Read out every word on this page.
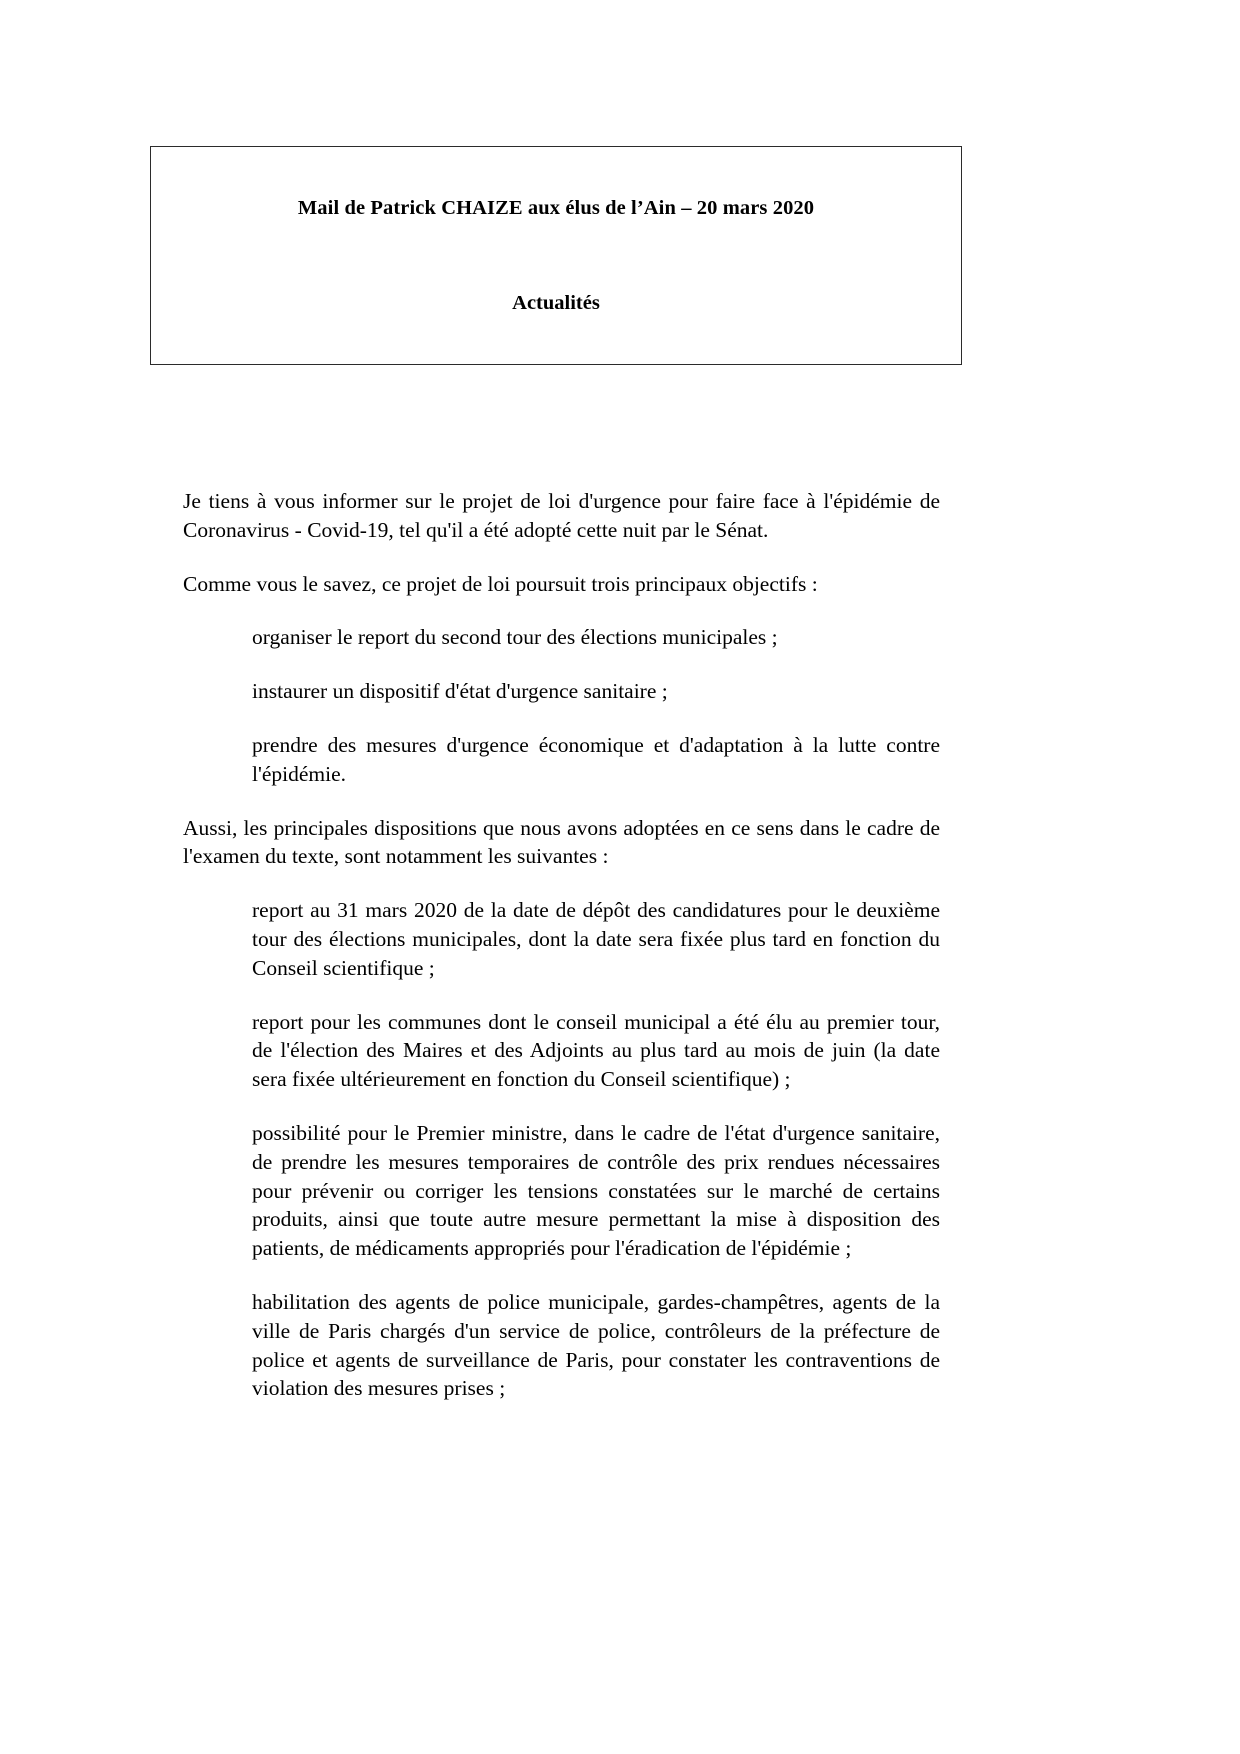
Mail de Patrick CHAIZE aux élus de l’Ain – 20 mars 2020
Actualités

Je tiens à vous informer sur le projet de loi d'urgence pour faire face à l'épidémie de Coronavirus - Covid-19, tel qu'il a été adopté cette nuit par le Sénat.

Comme vous le savez, ce projet de loi poursuit trois principaux objectifs :

organiser le report du second tour des élections municipales ;

instaurer un dispositif d'état d'urgence sanitaire ;

prendre des mesures d'urgence économique et d'adaptation à la lutte contre l'épidémie.

Aussi, les principales dispositions que nous avons adoptées en ce sens dans le cadre de l'examen du texte, sont notamment les suivantes :

report au 31 mars 2020 de la date de dépôt des candidatures pour le deuxième tour des élections municipales, dont la date sera fixée plus tard en fonction du Conseil scientifique ;

report pour les communes dont le conseil municipal a été élu au premier tour, de l'élection des Maires et des Adjoints au plus tard au mois de juin (la date sera fixée ultérieurement en fonction du Conseil scientifique) ;

possibilité pour le Premier ministre, dans le cadre de l'état d'urgence sanitaire, de prendre les mesures temporaires de contrôle des prix rendues nécessaires pour prévenir ou corriger les tensions constatées sur le marché de certains produits, ainsi que toute autre mesure permettant la mise à disposition des patients, de médicaments appropriés pour l'éradication de l'épidémie ;

habilitation des agents de police municipale, gardes-champêtres, agents de la ville de Paris chargés d'un service de police, contrôleurs de la préfecture de police et agents de surveillance de Paris, pour constater les contraventions de violation des mesures prises ;
